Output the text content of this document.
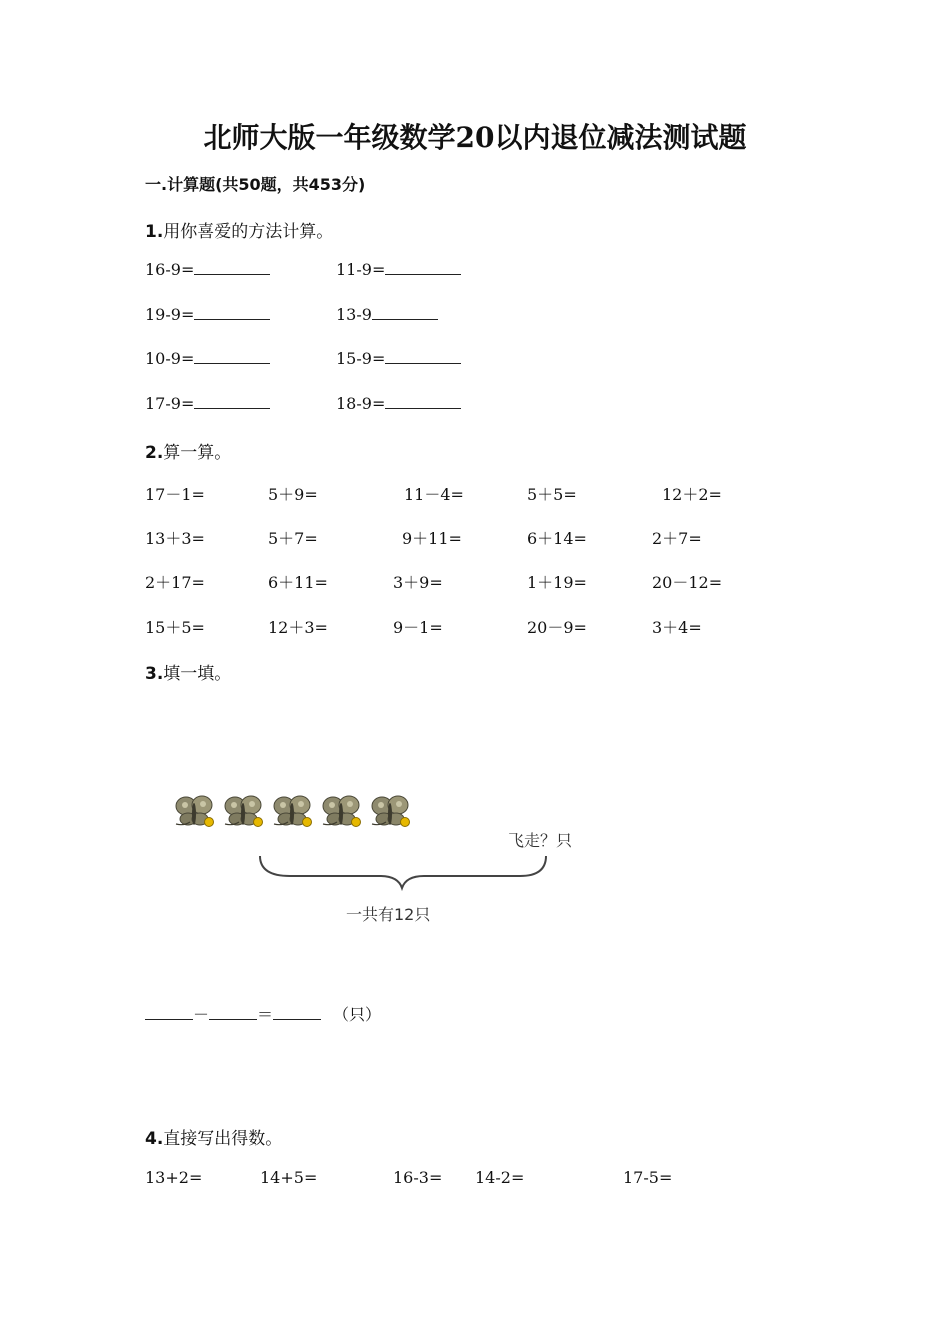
北师大版一年级数学20以内退位减法测试题
一.计算题(共50题，共453分)
1.用你喜爱的方法计算。
16-9=	11-9=
19-9=	13-9
10-9=	15-9=
17-9=	18-9=
2.算一算。
17－1=	5＋9=	11－4=	5＋5=	12＋2=
13＋3=	5＋7=	9＋11=	6＋14=	2＋7=
2＋17=	6＋11=	3＋9=	1＋19=	20－12=
15＋5=	12＋3=	9－1=	20－9=	3＋4=
3.填一填。
飞走？只
一共有12只
－	＝	（只）
4.直接写出得数。
13+2=	14+5=	16-3= 14-2=	17-5=
